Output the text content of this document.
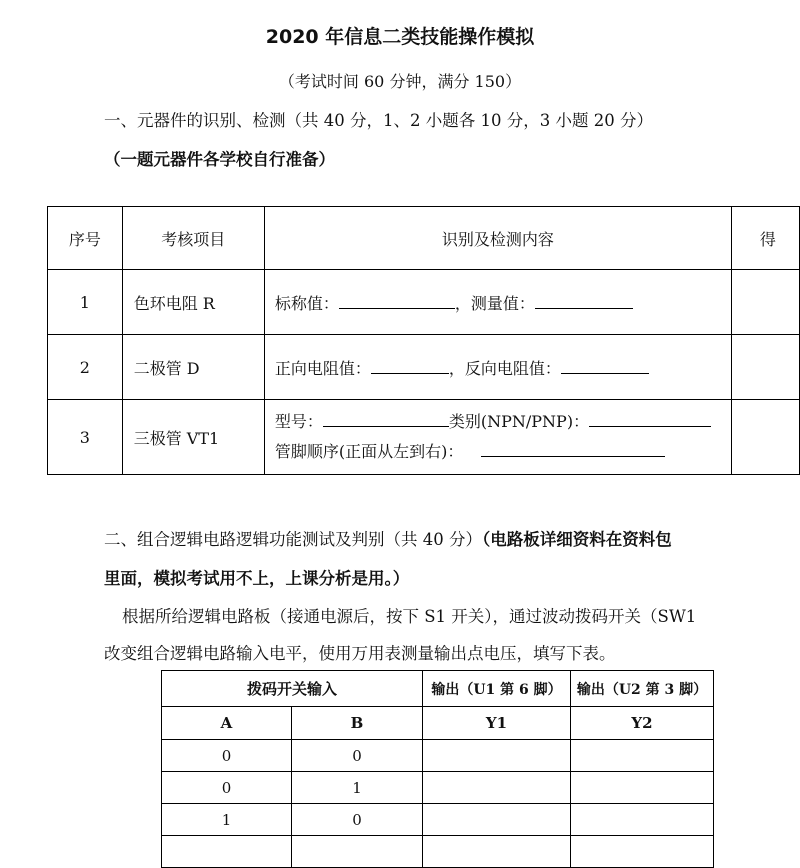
2020 年信息二类技能操作模拟
（考试时间 60 分钟，满分 150）
一、元器件的识别、检测（共 40 分，1、2 小题各 10 分，3 小题 20 分）
（一题元器件各学校自行准备）
序号	考核项目	识别及检测内容	得
1	色环电阻 R	标称值： ，测量值：	
2	二极管 D	正向电阻值： ，反向电阻值：	
3	三极管 VT1	型号： 类别(NPN/PNP)：
管脚顺序(正面从左到右)：	

二、组合逻辑电路逻辑功能测试及判别（共 40 分）（电路板详细资料在资料包
里面，模拟考试用不上，上课分析是用。）
根据所给逻辑电路板（接通电源后，按下 S1 开关），通过波动拨码开关（SW1
改变组合逻辑电路输入电平，使用万用表测量输出点电压，填写下表。
拨码开关输入		输出（U1 第 6 脚）	输出（U2 第 3 脚）
A	B	Y1	Y2
0	0		
0	1		
1	0		
